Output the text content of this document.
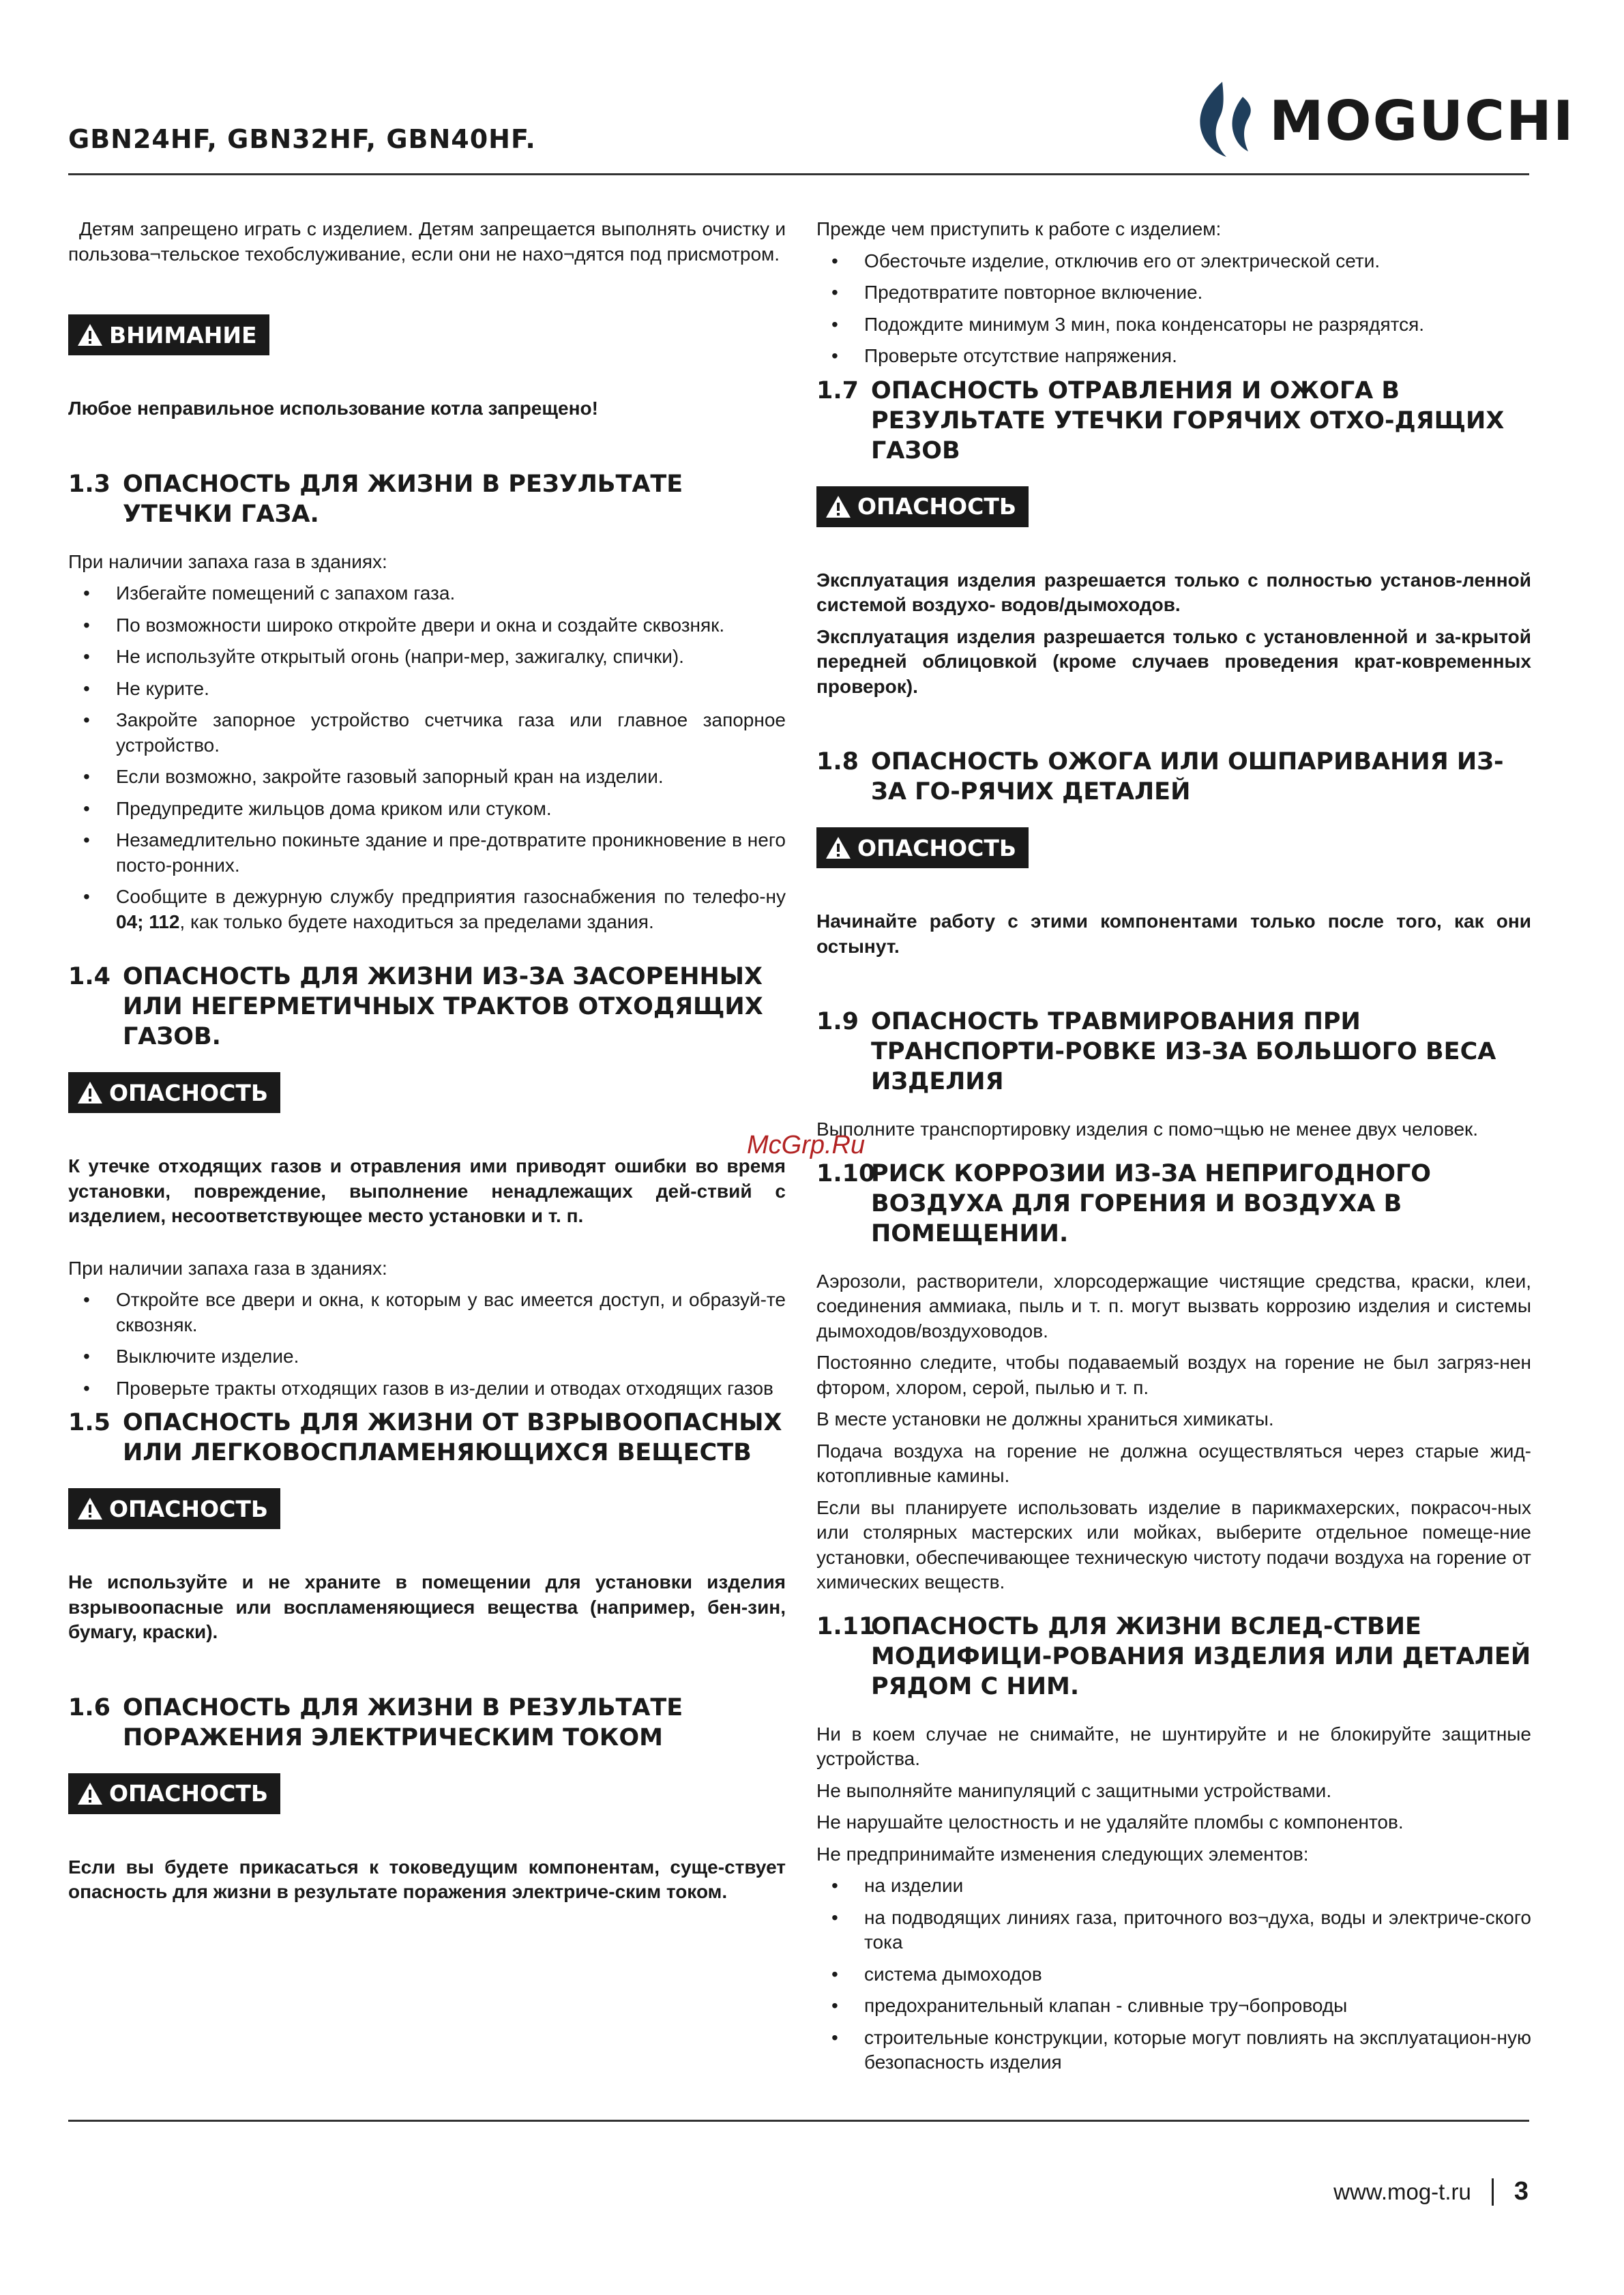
GBN24HF, GBN32HF, GBN40HF.	MOGUCHI
McGrp.Ru

Детям запрещено играть с изделием. Детям запрещается выполнять очистку и пользова¬тельское техобслуживание, если они не нахо¬дятся под присмотром.

ВНИМАНИЕ

Любое неправильное использование котла запрещено!

1.3 ОПАСНОСТЬ ДЛЯ ЖИЗНИ В РЕЗУЛЬТАТЕ УТЕЧКИ ГАЗА.

При наличии запаха газа в зданиях:

• Избегайте помещений с запахом газа.
• По возможности широко откройте двери и окна и создайте сквозняк.
• Не используйте открытый огонь (напри-мер, зажигалку, спички).
• Не курите.
• Закройте запорное устройство счетчика газа или главное запорное устройство.
• Если возможно, закройте газовый запорный кран на изделии.
• Предупредите жильцов дома криком или стуком.
• Незамедлительно покиньте здание и пре-дотвратите проникновение в него посто-ронних.
• Сообщите в дежурную службу предприятия газоснабжения по телефо-ну 04; 112, как только будете находиться за пределами здания.
1.4 ОПАСНОСТЬ ДЛЯ ЖИЗНИ ИЗ-ЗА ЗАСОРЕННЫХ ИЛИ НЕГЕРМЕТИЧНЫХ ТРАКТОВ ОТХОДЯЩИХ ГАЗОВ.
ОПАСНОСТЬ

К утечке отходящих газов и отравления ими приводят ошибки во время установки, повреждение, выполнение ненадлежащих дей-ствий с изделием, несоответствующее место установки и т. п.

При наличии запаха газа в зданиях:

• Откройте все двери и окна, к которым у вас имеется доступ, и образуй-те сквозняк.
• Выключите изделие.
• Проверьте тракты отходящих газов в из-делии и отводах отходящих газов
1.5 ОПАСНОСТЬ ДЛЯ ЖИЗНИ ОТ ВЗРЫВООПАСНЫХ ИЛИ ЛЕГКОВОСПЛАМЕНЯЮЩИХСЯ ВЕЩЕСТВ
ОПАСНОСТЬ

Не используйте и не храните в помещении для установки изделия взрывоопасные или воспламеняющиеся вещества (например, бен-зин, бумагу, краски).

1.6 ОПАСНОСТЬ ДЛЯ ЖИЗНИ В РЕЗУЛЬТАТЕ ПОРАЖЕНИЯ ЭЛЕКТРИЧЕСКИМ ТОКОМ
ОПАСНОСТЬ

Если вы будете прикасаться к токоведущим компонентам, суще-ствует опасность для жизни в результате поражения электриче-ским током.

Прежде чем приступить к работе с изделием:

• Обесточьте изделие, отключив его от электрической сети.
• Предотвратите повторное включение.
• Подождите минимум 3 мин, пока конденсаторы не разрядятся.
• Проверьте отсутствие напряжения.
1.7 ОПАСНОСТЬ ОТРАВЛЕНИЯ И ОЖОГА В РЕЗУЛЬТАТЕ УТЕЧКИ ГОРЯЧИХ ОТХО-ДЯЩИХ ГАЗОВ
ОПАСНОСТЬ

Эксплуатация изделия разрешается только с полностью установ-ленной системой воздухо- водов/дымоходов.

Эксплуатация изделия разрешается только с установленной и за-крытой передней облицовкой (кроме случаев проведения крат-ковременных проверок).

1.8 ОПАСНОСТЬ ОЖОГА ИЛИ ОШПАРИВАНИЯ ИЗ-ЗА ГО-РЯЧИХ ДЕТАЛЕЙ
ОПАСНОСТЬ

Начинайте работу с этими компонентами только после того, как они остынут.

1.9 ОПАСНОСТЬ ТРАВМИРОВАНИЯ ПРИ ТРАНСПОРТИ-РОВКЕ ИЗ-ЗА БОЛЬШОГО ВЕСА ИЗДЕЛИЯ

Выполните транспортировку изделия с помо¬щью не менее двух человек.

1.10
РИСК КОРРОЗИИ ИЗ-ЗА НЕПРИГОДНОГО ВОЗДУХА ДЛЯ ГОРЕНИЯ И ВОЗДУХА В ПОМЕЩЕНИИ.

Аэрозоли, растворители, хлорсодержащие чистящие средства, краски, клеи, соединения аммиака, пыль и т. п. могут вызвать коррозию изделия и системы дымоходов/воздуховодов.

Постоянно следите, чтобы подаваемый воздух на горение не был загряз-нен фтором, хлором, серой, пылью и т. п.

В месте установки не должны храниться химикаты.

Подача воздуха на горение не должна осуществляться через старые жид-котопливные камины.

Если вы планируете использовать изделие в парикмахерских, покрасоч-ных или столярных мастерских или мойках, выберите отдельное помеще-ние установки, обеспечивающее техническую чистоту подачи воздуха на горение от химических веществ.

1.11
ОПАСНОСТЬ ДЛЯ ЖИЗНИ ВСЛЕД-СТВИЕ МОДИФИЦИ-РОВАНИЯ ИЗДЕЛИЯ ИЛИ ДЕТАЛЕЙ РЯДОМ С НИМ.

Ни в коем случае не снимайте, не шунтируйте и не блокируйте защитные устройства.

Не выполняйте манипуляций с защитными устройствами.

Не нарушайте целостность и не удаляйте пломбы с компонентов.

Не предпринимайте изменения следующих элементов:

• на изделии
• на подводящих линиях газа, приточного воз¬духа, воды и электриче-ского тока
• система дымоходов
• предохранительный клапан - сливные тру¬бопроводы
• строительные конструкции, которые могут повлиять на эксплуатацион-ную безопасность изделия
www.mog-t.ru 3
